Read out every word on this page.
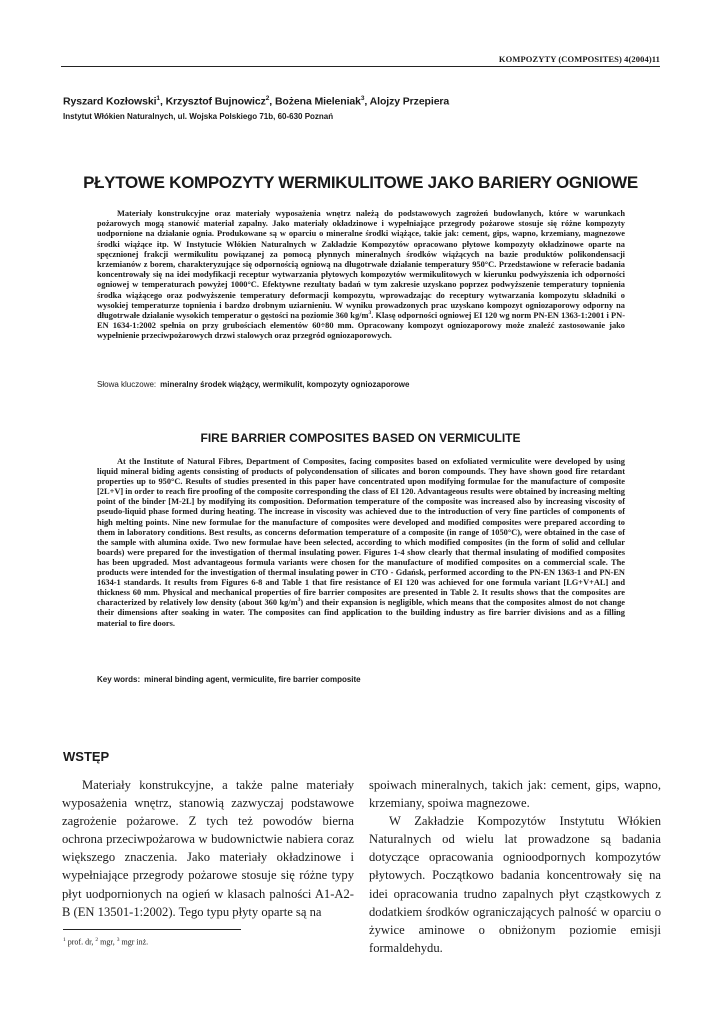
KOMPOZYTY (COMPOSITES) 4(2004)11
Ryszard Kozłowski$^1$, Krzysztof Bujnowicz$^2$, Bożena Mieleniak$^3$, Alojzy Przepiera
Instytut Włókien Naturalnych, ul. Wojska Polskiego 71b, 60-630 Poznań
PŁYTOWE KOMPOZYTY WERMIKULITOWE JAKO BARIERY OGNIOWE
Materiały konstrukcyjne oraz materiały wyposażenia wnętrz należą do podstawowych zagrożeń budowlanych, które w warunkach pożarowych mogą stanowić materiał zapalny. Jako materiały okładzinowe i wypełniające przegrody pożarowe stosuje się różne kompozyty uodpornione na działanie ognia. Produkowane są w oparciu o mineralne środki wiążące, takie jak: cement, gips, wapno, krzemiany, magnezowe środki wiążące itp. W Instytucie Włókien Naturalnych w Zakładzie Kompozytów opracowano płytowe kompozyty okładzinowe oparte na spęcznionej frakcji wermikulitu powiązanej za pomocą płynnych mineralnych środków wiążących na bazie produktów polikondensacji krzemianów z borem, charakteryzujące się odpornością ogniową na długotrwałe działanie temperatury 950°C. Przedstawione w referacie badania koncentrowały się na idei modyfikacji receptur wytwarzania płytowych kompozytów wermikulitowych w kierunku podwyższenia ich odporności ogniowej w temperaturach powyżej 1000°C. Efektywne rezultaty badań w tym zakresie uzyskano poprzez podwyższenie temperatury topnienia środka wiążącego oraz podwyższenie temperatury deformacji kompozytu, wprowadzając do receptury wytwarzania kompozytu składniki o wysokiej temperaturze topnienia i bardzo drobnym uziarnieniu. W wyniku prowadzonych prac uzyskano kompozyt ogniozaporowy odporny na długotrwałe działanie wysokich temperatur o gęstości na poziomie 360 $kg/m^3$. Klasę odporności ogniowej EI 120 wg norm PN-EN 1363-1:2001 i PN-EN 1634-1:2002 spełnia on przy grubościach elementów 60÷80 mm. Opracowany kompozyt ogniozaporowy może znaleźć zastosowanie jako wypełnienie przeciwpożarowych drzwi stalowych oraz przegród ogniozaporowych.
Słowa kluczowe: mineralny środek wiążący, wermikulit, kompozyty ogniozaporowe
FIRE BARRIER COMPOSITES BASED ON VERMICULITE
At the Institute of Natural Fibres, Department of Composites, facing composites based on exfoliated vermiculite were developed by using liquid mineral biding agents consisting of products of polycondensation of silicates and boron compounds. They have shown good fire retardant properties up to 950°C. Results of studies presented in this paper have concentrated upon modifying formulae for the manufacture of composite [2L+V] in order to reach fire proofing of the composite corresponding the class of EI 120. Advantageous results were obtained by increasing melting point of the binder [M-2L] by modifying its composition. Deformation temperature of the composite was increased also by increasing viscosity of pseudo-liquid phase formed during heating. The increase in viscosity was achieved due to the introduction of very fine particles of components of high melting points. Nine new formulae for the manufacture of composites were developed and modified composites were prepared according to them in laboratory conditions. Best results, as concerns deformation temperature of a composite (in range of 1050°C), were obtained in the case of the sample with alumina oxide. Two new formulae have been selected, according to which modified composites (in the form of solid and cellular boards) were prepared for the investigation of thermal insulating power. Figures 1-4 show clearly that thermal insulating of modified composites has been upgraded. Most advantageous formula variants were chosen for the manufacture of modified composites on a commercial scale. The products were intended for the investigation of thermal insulating power in CTO - Gdańsk, performed according to the PN-EN 1363-1 and PN-EN 1634-1 standards. It results from Figures 6-8 and Table 1 that fire resistance of EI 120 was achieved for one formula variant [LG+V+AL] and thickness 60 mm. Physical and mechanical properties of fire barrier composites are presented in Table 2. It results shows that the composites are characterized by relatively low density (about 360 $kg/m^3$) and their expansion is negligible, which means that the composites almost do not change their dimensions after soaking in water. The composites can find application to the building industry as fire barrier divisions and as a filling material to fire doors.
Key words: mineral binding agent, vermiculite, fire barrier composite
WSTĘP

Materiały konstrukcyjne, a także palne materiały wyposażenia wnętrz, stanowią zazwyczaj podstawowe zagrożenie pożarowe. Z tych też powodów bierna ochrona przeciwpożarowa w budownictwie nabiera coraz większego znaczenia. Jako materiały okładzinowe i wypełniające przegrody pożarowe stosuje się różne typy płyt uodpornionych na ogień w klasach palności A1-A2-B (EN 13501-1:2002). Tego typu płyty oparte są na

spoiwach mineralnych, takich jak: cement, gips, wapno, krzemiany, spoiwa magnezowe.

W Zakładzie Kompozytów Instytutu Włókien Naturalnych od wielu lat prowadzone są badania dotyczące opracowania ognioodpornych kompozytów płytowych. Początkowo badania koncentrowały się na idei opracowania trudno zapalnych płyt cząstkowych z dodatkiem środków ograniczających palność w oparciu o żywice aminowe o obniżonym poziomie emisji formaldehydu.

$^1$ prof. dr, $^2$ mgr, $^3$ mgr inż.
